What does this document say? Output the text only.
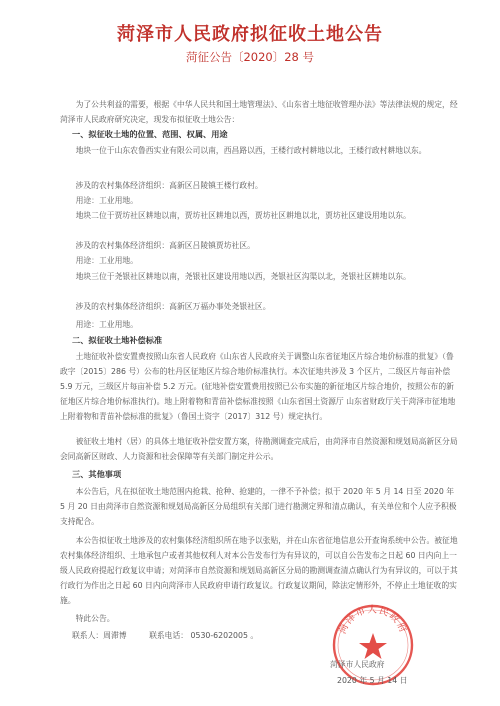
菏泽市人民政府拟征收土地公告
菏征公告〔2020〕28 号
为了公共利益的需要，根据《中华人民共和国土地管理法》、《山东省土地征收管理办法》等法律法规的规定，经菏泽市人民政府研究决定，现发布拟征收土地公告：
一、拟征收土地的位置、范围、权属、用途
地块一位于山东农鲁西实业有限公司以南，西昌路以西，王楼行政村耕地以北，王楼行政村耕地以东。
涉及的农村集体经济组织：高新区吕陵镇王楼行政村。
用途：工业用地。
地块二位于贾坊社区耕地以南，贾坊社区耕地以西，贾坊社区耕地以北，贾坊社区建设用地以东。
涉及的农村集体经济组织：高新区吕陵镇贾坊社区。
用途：工业用地。
地块三位于尧银社区耕地以南，尧银社区建设用地以西，尧银社区沟渠以北，尧银社区耕地以东。
涉及的农村集体经济组织：高新区万福办事处尧银社区。
用途：工业用地。
二、拟征收土地补偿标准
土地征收补偿安置费按照山东省人民政府《山东省人民政府关于调整山东省征地区片综合地价标准的批复》（鲁政字〔2015〕286 号）公布的牡丹区征地区片综合地价标准执行。本次征地共涉及 3 个区片，二级区片每亩补偿 5.9 万元，三级区片每亩补偿 5.2 万元。(征地补偿安置费用按照已公布实施的新征地区片综合地价，按照公布的新征地区片综合地价标准执行)。地上附着物和青苗补偿标准按照《山东省国土资源厅 山东省财政厅关于菏泽市征地地上附着物和青苗补偿标准的批复》（鲁国土资字〔2017〕312 号）规定执行。
被征收土地村（居）的具体土地征收补偿安置方案，待勘测调查完成后，由菏泽市自然资源和规划局高新区分局会同高新区财政、人力资源和社会保障等有关部门制定并公示。
三、其他事项
本公告后，凡在拟征收土地范围内抢栽、抢种、抢建的，一律不予补偿；拟于 2020 年 5 月 14 日至 2020 年 5 月 20 日由菏泽市自然资源和规划局高新区分局组织有关部门进行勘测定界和清点确认，有关单位和个人应予积极支持配合。
本公告拟征收土地涉及的农村集体经济组织所在地予以张贴，并在山东省征地信息公开查询系统中公告。被征地农村集体经济组织、土地承包户或者其他权利人对本公告发布行为有异议的，可以自公告发布之日起 60 日内向上一级人民政府提起行政复议申请；对菏泽市自然资源和规划局高新区分局的勘测调查清点确认行为有异议的，可以于其行政行为作出之日起 60 日内向菏泽市人民政府申请行政复议。行政复议期间，除法定情形外，不停止土地征收的实施。
特此公告。
联系人：周滞博	联系电话： 0530-6202005 。	菏泽市人民政府
菏泽市人民政府
2020 年 5 月 14 日
